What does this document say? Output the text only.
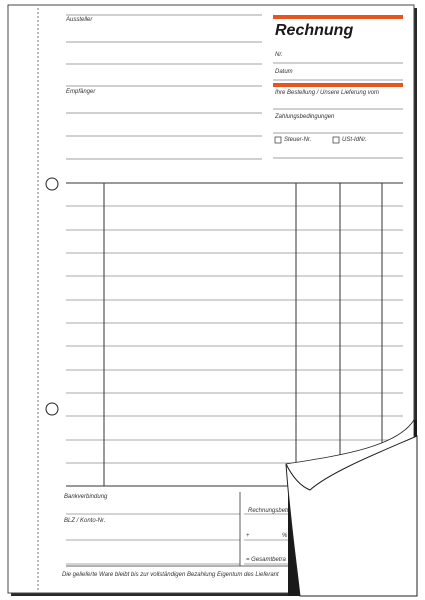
Rechnung
Aussteller
Nr.
Datum
Empfänger	Ihre Bestellung / Unsere Lieferung vom
Zahlungsbedingungen
Steuer-Nr.	USt-IdNr.
Bankverbindung
BLZ / Konto-Nr.
Rechnungsbetr
+	%
= Gesamtbetra
Die gelieferte Ware bleibt bis zur vollständigen Bezahlung Eigentum des Lieferant
